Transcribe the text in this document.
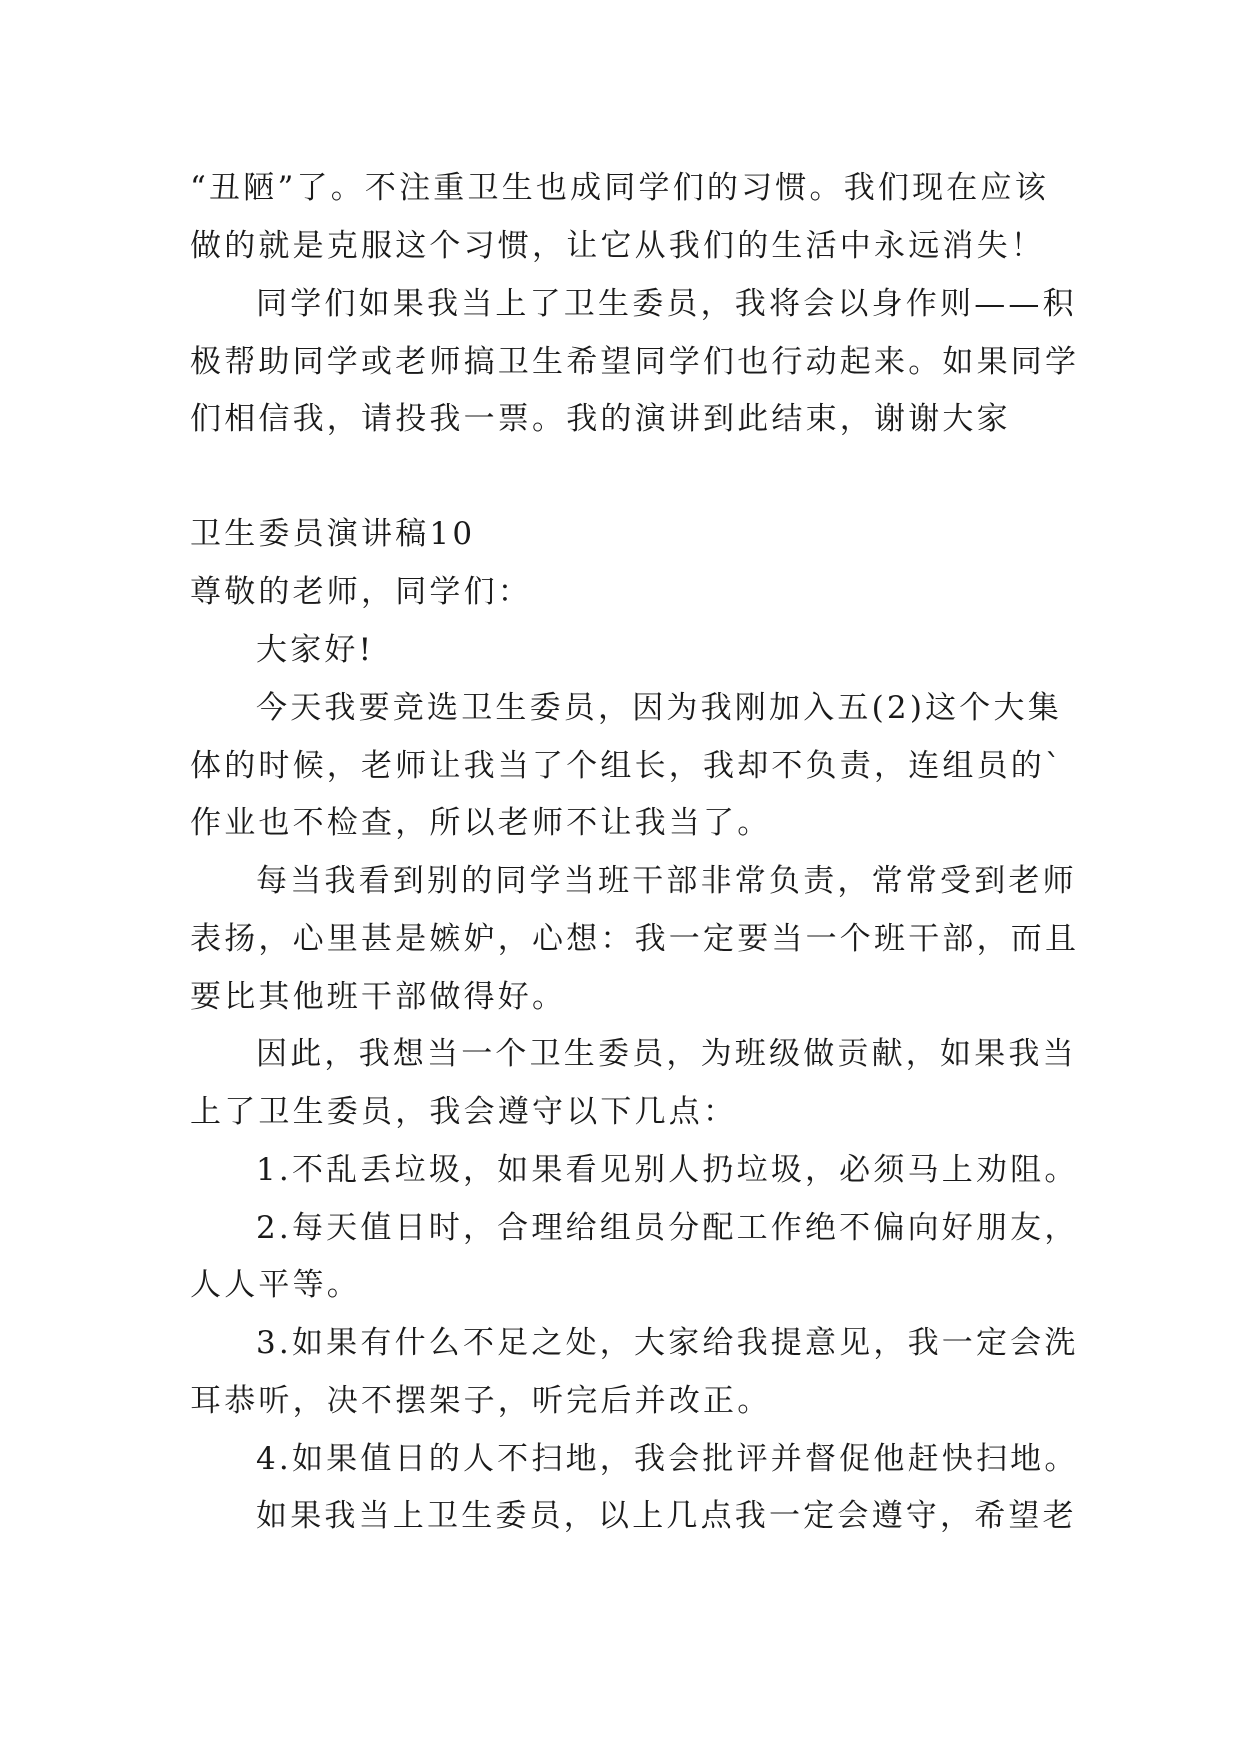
“丑陋”了。不注重卫生也成同学们的习惯。我们现在应该
做的就是克服这个习惯，让它从我们的生活中永远消失！
同学们如果我当上了卫生委员，我将会以身作则——积
极帮助同学或老师搞卫生希望同学们也行动起来。如果同学
们相信我，请投我一票。我的演讲到此结束，谢谢大家
卫生委员演讲稿10
尊敬的老师，同学们：
大家好!
今天我要竞选卫生委员，因为我刚加入五(2)这个大集
体的时候，老师让我当了个组长，我却不负责，连组员的`
作业也不检查，所以老师不让我当了。
每当我看到别的同学当班干部非常负责，常常受到老师
表扬，心里甚是嫉妒，心想：我一定要当一个班干部，而且
要比其他班干部做得好。
因此，我想当一个卫生委员，为班级做贡献，如果我当
上了卫生委员，我会遵守以下几点：
1.不乱丢垃圾，如果看见别人扔垃圾，必须马上劝阻。
2.每天值日时，合理给组员分配工作绝不偏向好朋友，
人人平等。
3.如果有什么不足之处，大家给我提意见，我一定会洗
耳恭听，决不摆架子，听完后并改正。
4.如果值日的人不扫地，我会批评并督促他赶快扫地。
如果我当上卫生委员，以上几点我一定会遵守，希望老
